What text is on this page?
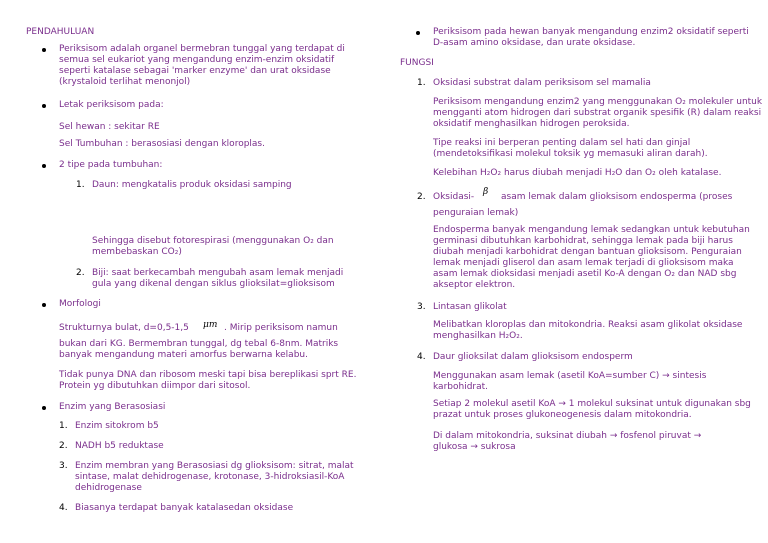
PENDAHULUAN
Periksisom adalah organel bermebran tunggal yang terdapat di semua sel eukariot yang mengandung enzim-enzim oksidatif seperti katalase sebagai 'marker enzyme' dan urat oksidase (krystaloid terlihat menonjol)
Letak periksisom pada:
Sel hewan : sekitar RE
Sel Tumbuhan : berasosiasi dengan kloroplas.
2 tipe pada tumbuhan:
1. Daun: mengkatalis produk oksidasi samping
Sehingga disebut fotorespirasi (menggunakan O₂ dan membebaskan CO₂)
2. Biji: saat berkecambah mengubah asam lemak menjadi gula yang dikenal dengan siklus glioksilat=glioksisom
Morfologi
Strukturnya bulat, d=0,5-1,5 μm . Mirip periksisom namun
bukan dari KG. Bermembran tunggal, dg tebal 6-8nm. Matriks banyak mengandung materi amorfus berwarna kelabu.
Tidak punya DNA dan ribosom meski tapi bisa bereplikasi sprt RE. Protein yg dibutuhkan diimpor dari sitosol.
Enzim yang Berasosiasi
1. Enzim sitokrom b5
2. NADH b5 reduktase
3. Enzim membran yang Berasosiasi dg glioksisom: sitrat, malat sintase, malat dehidrogenase, krotonase, 3-hidroksiasil-KoA dehidrogenase
4. Biasanya terdapat banyak katalasedan oksidase
Periksisom pada hewan banyak mengandung enzim2 oksidatif seperti D-asam amino oksidase, dan urate oksidase.
FUNGSI
1. Oksidasi substrat dalam periksisom sel mamalia
Periksisom mengandung enzim2 yang menggunakan O₂ molekuler untuk mengganti atom hidrogen dari substrat organik spesifik (R) dalam reaksi oksidatif menghasilkan hidrogen peroksida.
Tipe reaksi ini berperan penting dalam sel hati dan ginjal (mendetoksifikasi molekul toksik yg memasuki aliran darah).
Kelebihan H₂O₂ harus diubah menjadi H₂O dan O₂ oleh katalase.
2. Oksidasi- β asam lemak dalam glioksisom endosperma (proses
penguraian lemak)
Endosperma banyak mengandung lemak sedangkan untuk kebutuhan germinasi dibutuhkan karbohidrat, sehingga lemak pada biji harus diubah menjadi karbohidrat dengan bantuan glioksisom. Penguraian lemak menjadi gliserol dan asam lemak terjadi di glioksisom maka asam lemak dioksidasi menjadi asetil Ko-A dengan O₂ dan NAD sbg akseptor elektron.
3. Lintasan glikolat
Melibatkan kloroplas dan mitokondria. Reaksi asam glikolat oksidase menghasilkan H₂O₂.
4. Daur glioksilat dalam glioksisom endosperm
Menggunakan asam lemak (asetil KoA=sumber C) → sintesis karbohidrat.
Setiap 2 molekul asetil KoA → 1 molekul suksinat untuk digunakan sbg prazat untuk proses glukoneogenesis dalam mitokondria.
Di dalam mitokondria, suksinat diubah → fosfenol piruvat → glukosa → sukrosa
